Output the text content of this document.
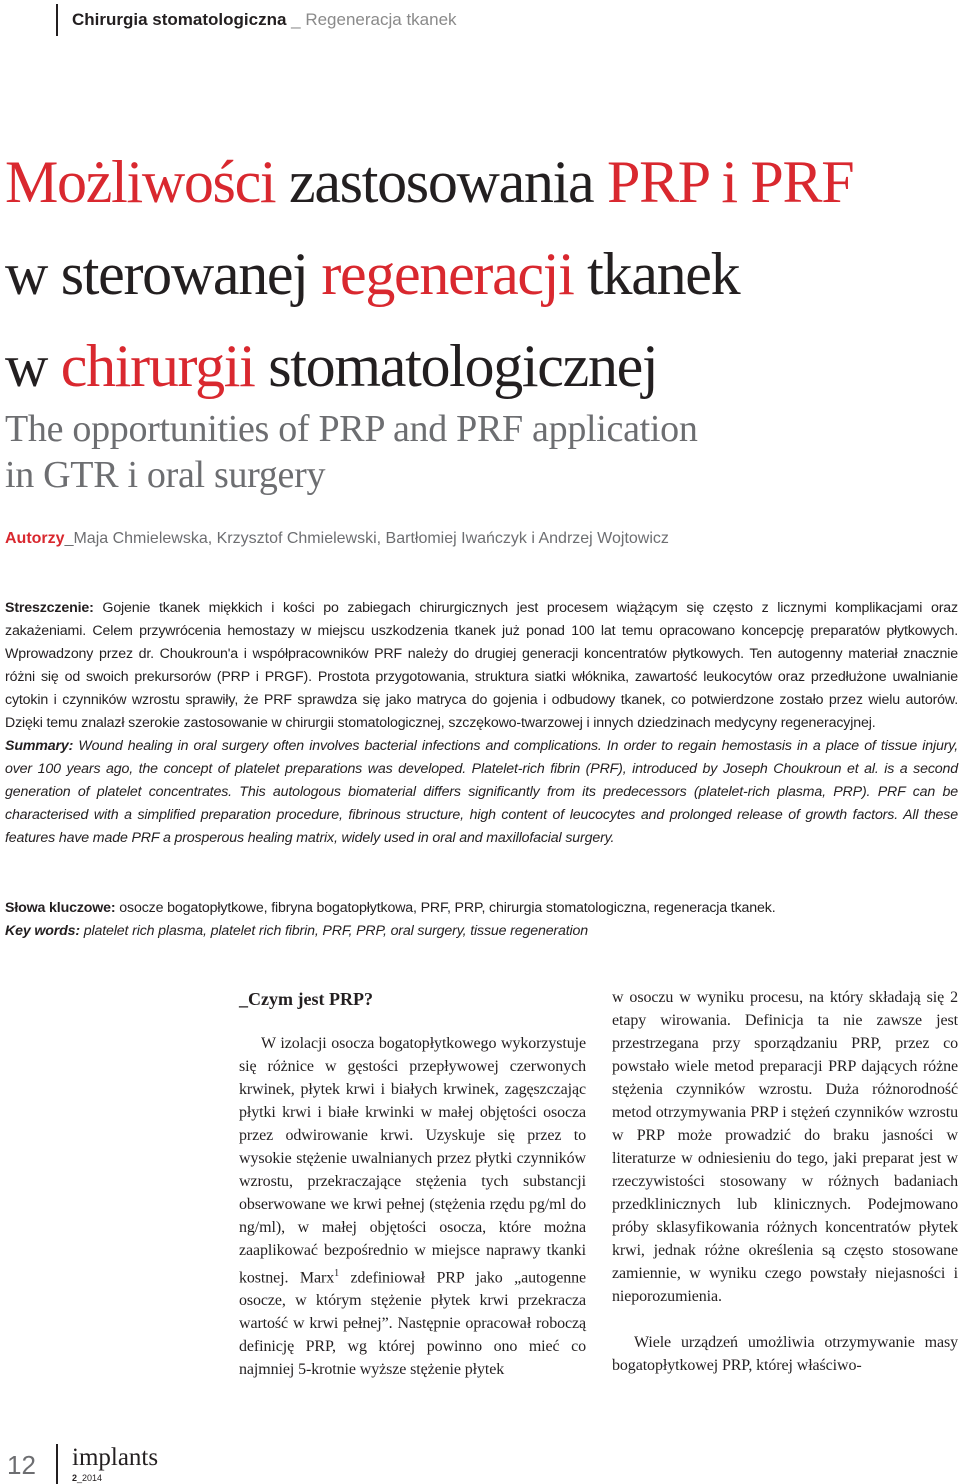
Chirurgia stomatologiczna _ Regeneracja tkanek
Możliwości zastosowania PRP i PRF
w sterowanej regeneracji tkanek
w chirurgii stomatologicznej
The opportunities of PRP and PRF application
in GTR i oral surgery
Autorzy_Maja Chmielewska, Krzysztof Chmielewski, Bartłomiej Iwańczyk i Andrzej Wojtowicz

Streszczenie: Gojenie tkanek miękkich i kości po zabiegach chirurgicznych jest procesem wiążącym się często z licznymi komplikacjami oraz zakażeniami. Celem przywrócenia hemostazy w miejscu uszkodzenia tkanek już ponad 100 lat temu opracowano koncepcję preparatów płytkowych. Wprowadzony przez dr. Choukroun'a i współpracowników PRF należy do drugiej generacji koncentratów płytkowych. Ten autogenny materiał znacznie różni się od swoich prekursorów (PRP i PRGF). Prostota przygotowania, struktura siatki włóknika, zawartość leukocytów oraz przedłużone uwalnianie cytokin i czynników wzrostu sprawiły, że PRF sprawdza się jako matryca do gojenia i odbudowy tkanek, co potwierdzone zostało przez wielu autorów. Dzięki temu znalazł szerokie zastosowanie w chirurgii stomatologicznej, szczękowo-twarzowej i innych dziedzinach medycyny regeneracyjnej.

Summary: Wound healing in oral surgery often involves bacterial infections and complications. In order to regain hemostasis in a place of tissue injury, over 100 years ago, the concept of platelet preparations was developed. Platelet-rich fibrin (PRF), introduced by Joseph Choukroun et al. is a second generation of platelet concentrates. This autologous biomaterial differs significantly from its predecessors (platelet-rich plasma, PRP). PRF can be characterised with a simplified preparation procedure, fibrinous structure, high content of leucocytes and prolonged release of growth factors. All these features have made PRF a prosperous healing matrix, widely used in oral and maxillofacial surgery.

Słowa kluczowe: osocze bogatopłytkowe, fibryna bogatopłytkowa, PRF, PRP, chirurgia stomatologiczna, regeneracja tkanek.

Key words: platelet rich plasma, platelet rich fibrin, PRF, PRP, oral surgery, tissue regeneration

_Czym jest PRP?

W izolacji osocza bogatopłytkowego wykorzystuje się różnice w gęstości przepływowej czerwonych krwinek, płytek krwi i białych krwinek, zagęszczając płytki krwi i białe krwinki w małej objętości osocza przez odwirowanie krwi. Uzyskuje się przez to wysokie stężenie uwalnianych przez płytki czynników wzrostu, przekraczające stężenia tych substancji obserwowane we krwi pełnej (stężenia rzędu pg/ml do ng/ml), w małej objętości osocza, które można zaaplikować bezpośrednio w miejsce naprawy tkanki kostnej. Marx$^1$ zdefiniował PRP jako „autogenne osocze, w którym stężenie płytek krwi przekracza wartość w krwi pełnej”. Następnie opracował roboczą definicję PRP, wg której powinno ono mieć co najmniej 5-krotnie wyższe stężenie płytek

w osoczu w wyniku procesu, na który składają się 2 etapy wirowania. Definicja ta nie zawsze jest przestrzegana przy sporządzaniu PRP, przez co powstało wiele metod preparacji PRP dających różne stężenia czynników wzrostu. Duża różnorodność metod otrzymywania PRP i stężeń czynników wzrostu w PRP może prowadzić do braku jasności w literaturze w odniesieniu do tego, jaki preparat jest w rzeczywistości stosowany w różnych badaniach przedklinicznych lub klinicznych. Podejmowano próby sklasyfikowania różnych koncentratów płytek krwi, jednak różne określenia są często stosowane zamiennie, w wyniku czego powstały niejasności i nieporozumienia.

Wiele urządzeń umożliwia otrzymywanie masy bogatopłytkowej PRP, której właściwo-

12 implants
2_2014
